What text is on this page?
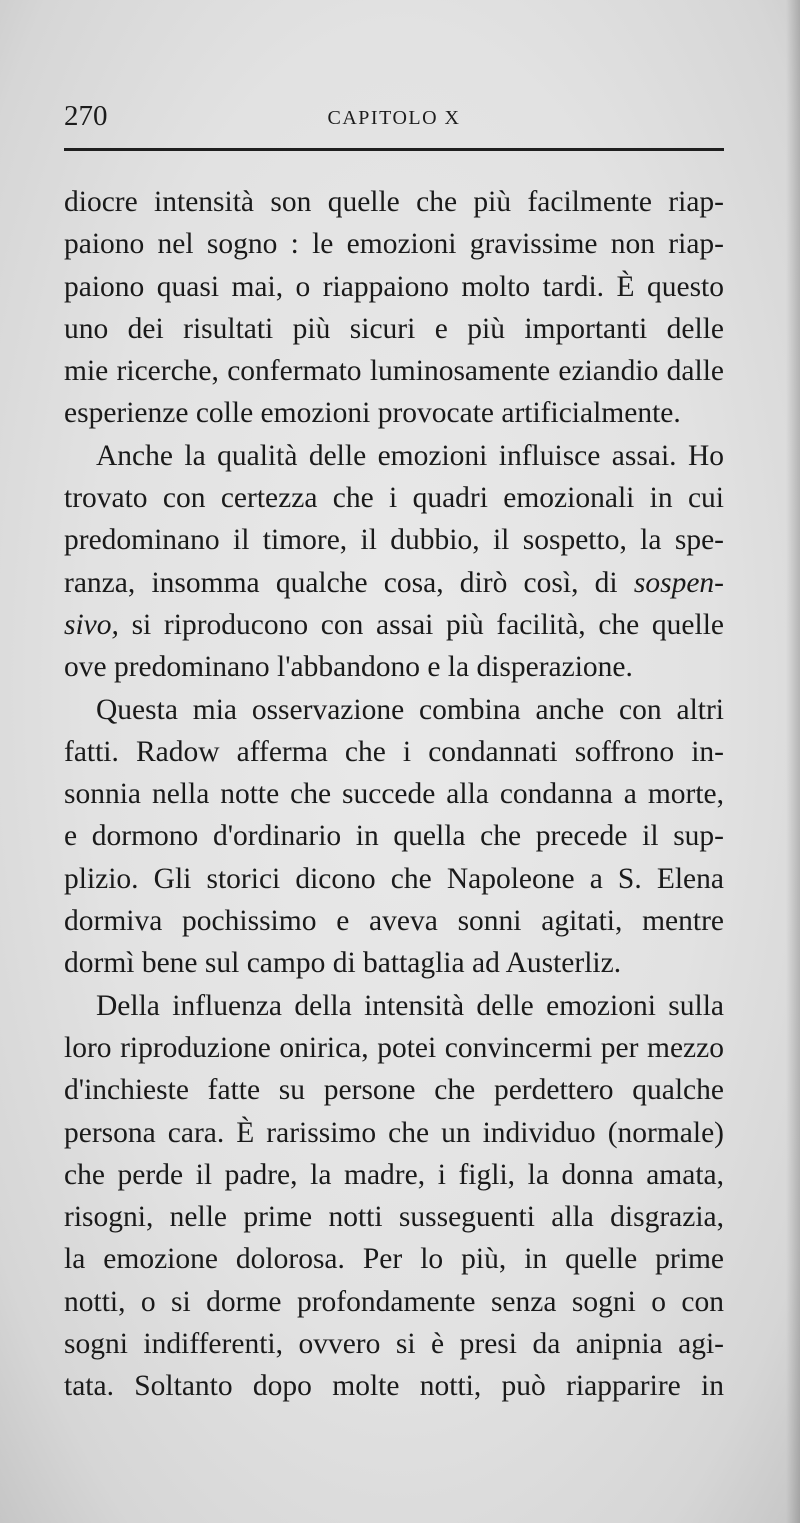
270	CAPITOLO X
diocre intensità son quelle che più facilmente riap-
paiono nel sogno : le emozioni gravissime non riap-
paiono quasi mai, o riappaiono molto tardi. È questo
uno dei risultati più sicuri e più importanti delle
mie ricerche, confermato luminosamente eziandio dalle
esperienze colle emozioni provocate artificialmente.
Anche la qualità delle emozioni influisce assai. Ho
trovato con certezza che i quadri emozionali in cui
predominano il timore, il dubbio, il sospetto, la spe-
ranza, insomma qualche cosa, dirò così, di sospen-
sivo, si riproducono con assai più facilità, che quelle
ove predominano l'abbandono e la disperazione.
Questa mia osservazione combina anche con altri
fatti. Radow afferma che i condannati soffrono in-
sonnia nella notte che succede alla condanna a morte,
e dormono d'ordinario in quella che precede il sup-
plizio. Gli storici dicono che Napoleone a S. Elena
dormiva pochissimo e aveva sonni agitati, mentre
dormì bene sul campo di battaglia ad Austerliz.
Della influenza della intensità delle emozioni sulla
loro riproduzione onirica, potei convincermi per mezzo
d'inchieste fatte su persone che perdettero qualche
persona cara. È rarissimo che un individuo (normale)
che perde il padre, la madre, i figli, la donna amata,
risogni, nelle prime notti susseguenti alla disgrazia,
la emozione dolorosa. Per lo più, in quelle prime
notti, o si dorme profondamente senza sogni o con
sogni indifferenti, ovvero si è presi da anipnia agi-
tata. Soltanto dopo molte notti, può riapparire in
